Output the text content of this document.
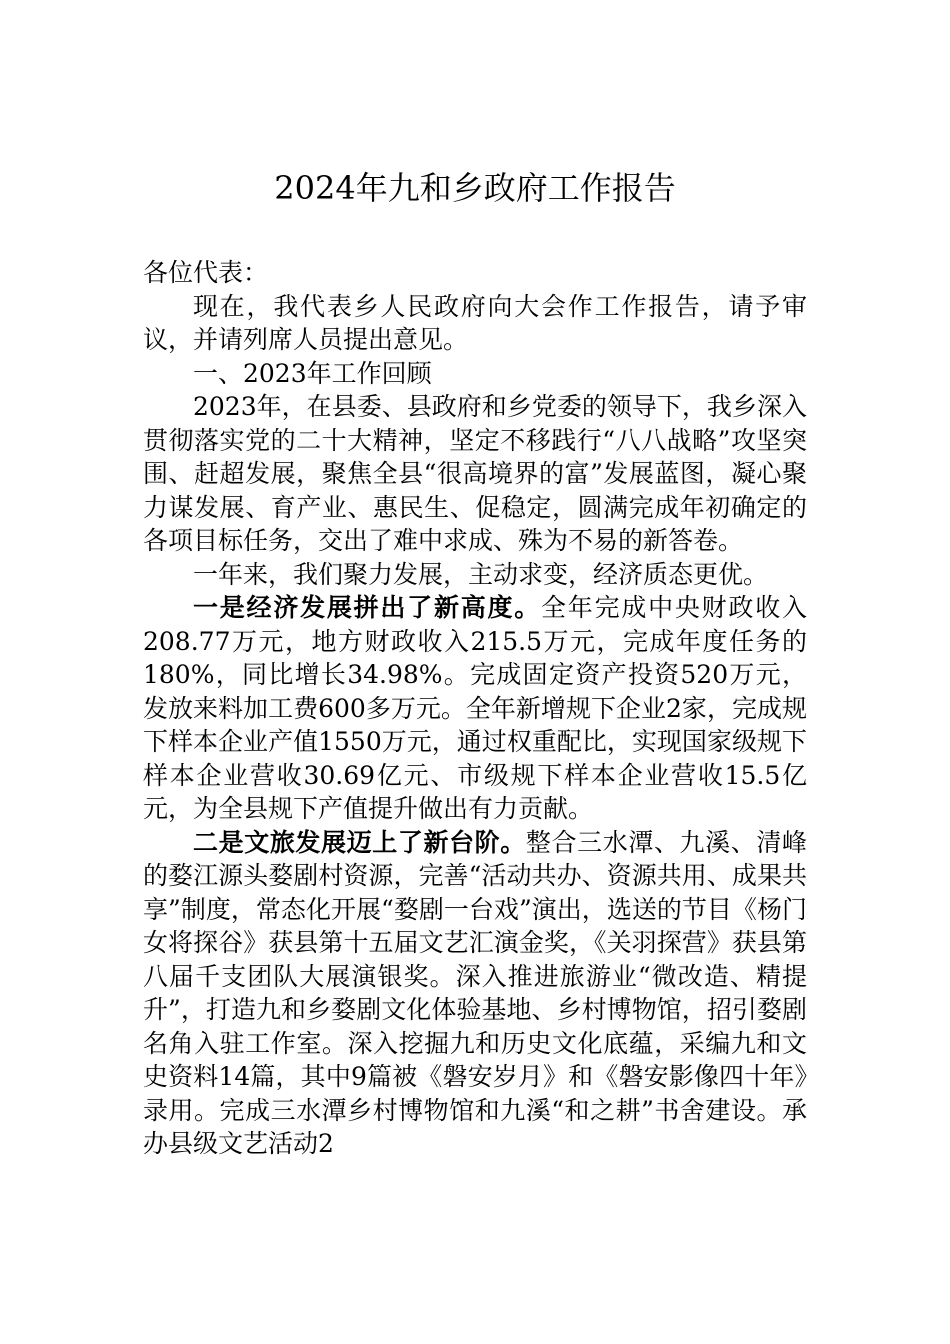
2024年九和乡政府工作报告

各位代表：

现在，我代表乡人民政府向大会作工作报告，请予审议，并请列席人员提出意见。

一、2023年工作回顾

2023年，在县委、县政府和乡党委的领导下，我乡深入贯彻落实党的二十大精神，坚定不移践行“八八战略”攻坚突围、赶超发展，聚焦全县“很高境界的富”发展蓝图，凝心聚力谋发展、育产业、惠民生、促稳定，圆满完成年初确定的各项目标任务，交出了难中求成、殊为不易的新答卷。

一年来，我们聚力发展，主动求变，经济质态更优。

一是经济发展拼出了新高度。全年完成中央财政收入208.77万元，地方财政收入215.5万元，完成年度任务的180%，同比增长34.98%。完成固定资产投资520万元，发放来料加工费600多万元。全年新增规下企业2家，完成规下样本企业产值1550万元，通过权重配比，实现国家级规下样本企业营收30.69亿元、市级规下样本企业营收15.5亿元，为全县规下产值提升做出有力贡献。

二是文旅发展迈上了新台阶。整合三水潭、九溪、清峰的婺江源头婺剧村资源，完善“活动共办、资源共用、成果共享”制度，常态化开展“婺剧一台戏”演出，选送的节目《杨门女将探谷》获县第十五届文艺汇演金奖，《关羽探营》获县第八届千支团队大展演银奖。深入推进旅游业“微改造、精提升”，打造九和乡婺剧文化体验基地、乡村博物馆，招引婺剧名角入驻工作室。深入挖掘九和历史文化底蕴，采编九和文史资料14篇，其中9篇被《磐安岁月》和《磐安影像四十年》录用。完成三水潭乡村博物馆和九溪“和之耕”书舍建设。承办县级文艺活动2
